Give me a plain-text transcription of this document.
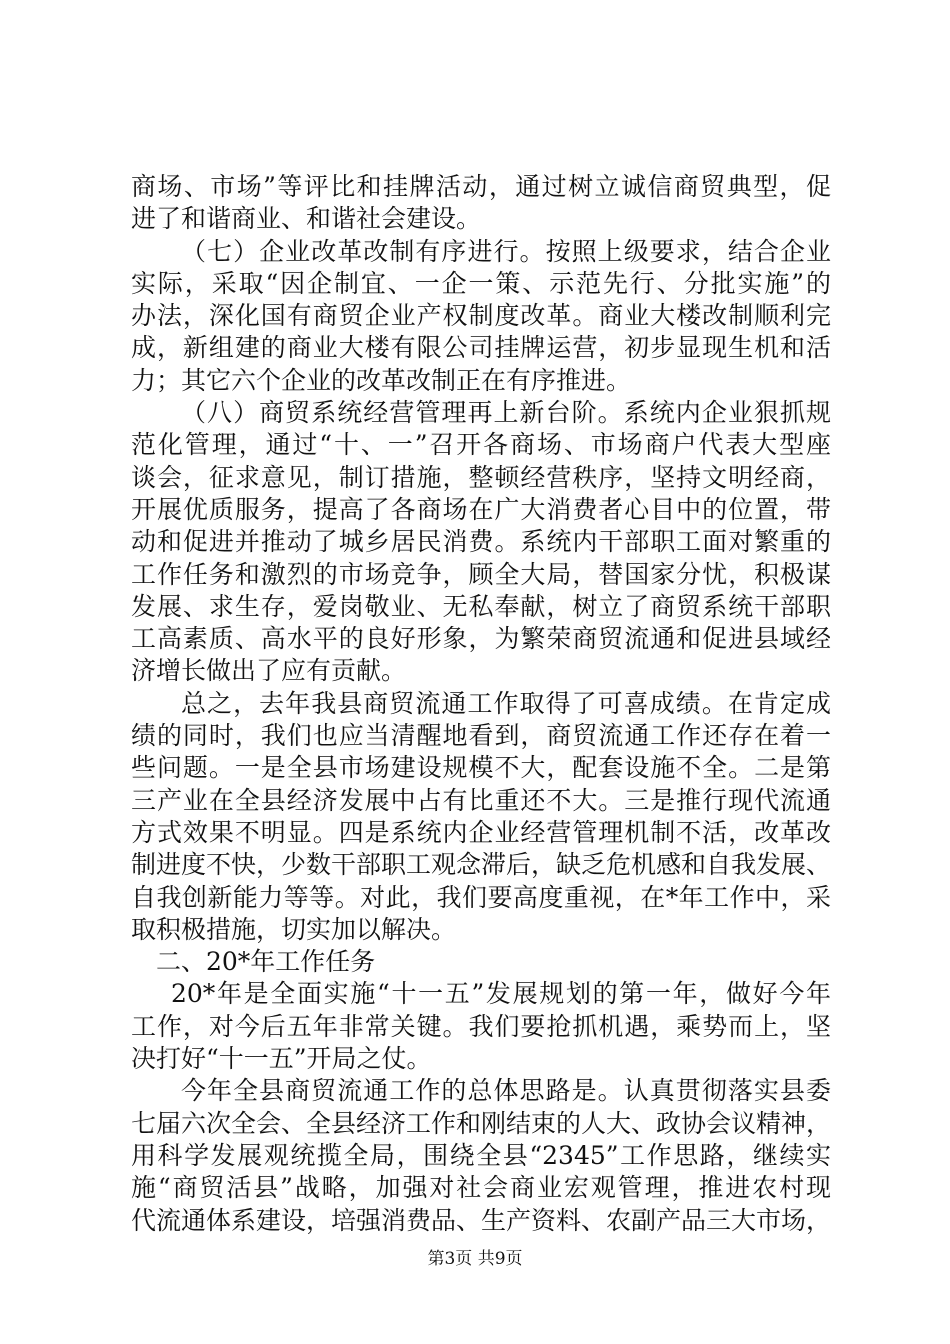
商场、市场”等评比和挂牌活动，通过树立诚信商贸典型，促
进了和谐商业、和谐社会建设。
（七）企业改革改制有序进行。按照上级要求，结合企业
实际，采取“因企制宜、一企一策、示范先行、分批实施”的
办法，深化国有商贸企业产权制度改革。商业大楼改制顺利完
成，新组建的商业大楼有限公司挂牌运营，初步显现生机和活
力；其它六个企业的改革改制正在有序推进。
（八）商贸系统经营管理再上新台阶。系统内企业狠抓规
范化管理，通过“十、一”召开各商场、市场商户代表大型座
谈会，征求意见，制订措施，整顿经营秩序，坚持文明经商，
开展优质服务，提高了各商场在广大消费者心目中的位置，带
动和促进并推动了城乡居民消费。系统内干部职工面对繁重的
工作任务和激烈的市场竞争，顾全大局，替国家分忧，积极谋
发展、求生存，爱岗敬业、无私奉献，树立了商贸系统干部职
工高素质、高水平的良好形象，为繁荣商贸流通和促进县域经
济增长做出了应有贡献。
总之，去年我县商贸流通工作取得了可喜成绩。在肯定成
绩的同时，我们也应当清醒地看到，商贸流通工作还存在着一
些问题。一是全县市场建设规模不大，配套设施不全。二是第
三产业在全县经济发展中占有比重还不大。三是推行现代流通
方式效果不明显。四是系统内企业经营管理机制不活，改革改
制进度不快，少数干部职工观念滞后，缺乏危机感和自我发展、
自我创新能力等等。对此，我们要高度重视，在*年工作中，采
取积极措施，切实加以解决。
二、20*年工作任务
20*年是全面实施“十一五”发展规划的第一年，做好今年
工作，对今后五年非常关键。我们要抢抓机遇，乘势而上，坚
决打好“十一五”开局之仗。
今年全县商贸流通工作的总体思路是。认真贯彻落实县委
七届六次全会、全县经济工作和刚结束的人大、政协会议精神，
用科学发展观统揽全局，围绕全县“2345”工作思路，继续实
施“商贸活县”战略，加强对社会商业宏观管理，推进农村现
代流通体系建设，培强消费品、生产资料、农副产品三大市场，
第3页 共9页
